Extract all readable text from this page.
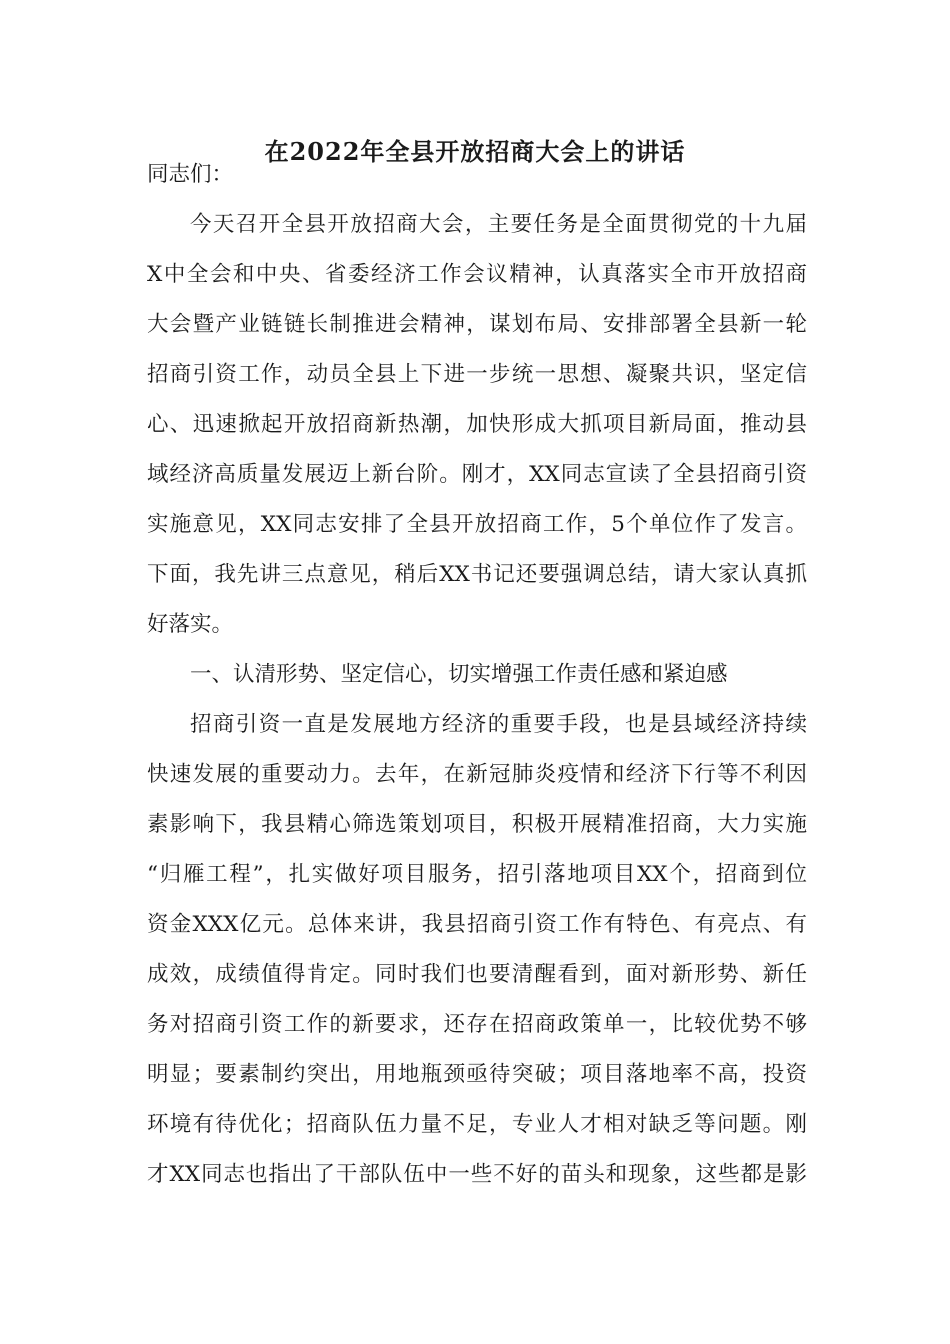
在2022年全县开放招商大会上的讲话
同志们：
今天召开全县开放招商大会，主要任务是全面贯彻党的十九届
X中全会和中央、省委经济工作会议精神，认真落实全市开放招商
大会暨产业链链长制推进会精神，谋划布局、安排部署全县新一轮
招商引资工作，动员全县上下进一步统一思想、凝聚共识，坚定信
心、迅速掀起开放招商新热潮，加快形成大抓项目新局面，推动县
域经济高质量发展迈上新台阶。刚才，XX同志宣读了全县招商引资
实施意见，XX同志安排了全县开放招商工作，5个单位作了发言。
下面，我先讲三点意见，稍后XX书记还要强调总结，请大家认真抓
好落实。
一、认清形势、坚定信心，切实增强工作责任感和紧迫感
招商引资一直是发展地方经济的重要手段，也是县域经济持续
快速发展的重要动力。去年，在新冠肺炎疫情和经济下行等不利因
素影响下，我县精心筛选策划项目，积极开展精准招商，大力实施
“归雁工程”，扎实做好项目服务，招引落地项目XX个，招商到位
资金XXX亿元。总体来讲，我县招商引资工作有特色、有亮点、有
成效，成绩值得肯定。同时我们也要清醒看到，面对新形势、新任
务对招商引资工作的新要求，还存在招商政策单一，比较优势不够
明显；要素制约突出，用地瓶颈亟待突破；项目落地率不高，投资
环境有待优化；招商队伍力量不足，专业人才相对缺乏等问题。刚
才XX同志也指出了干部队伍中一些不好的苗头和现象，这些都是影
